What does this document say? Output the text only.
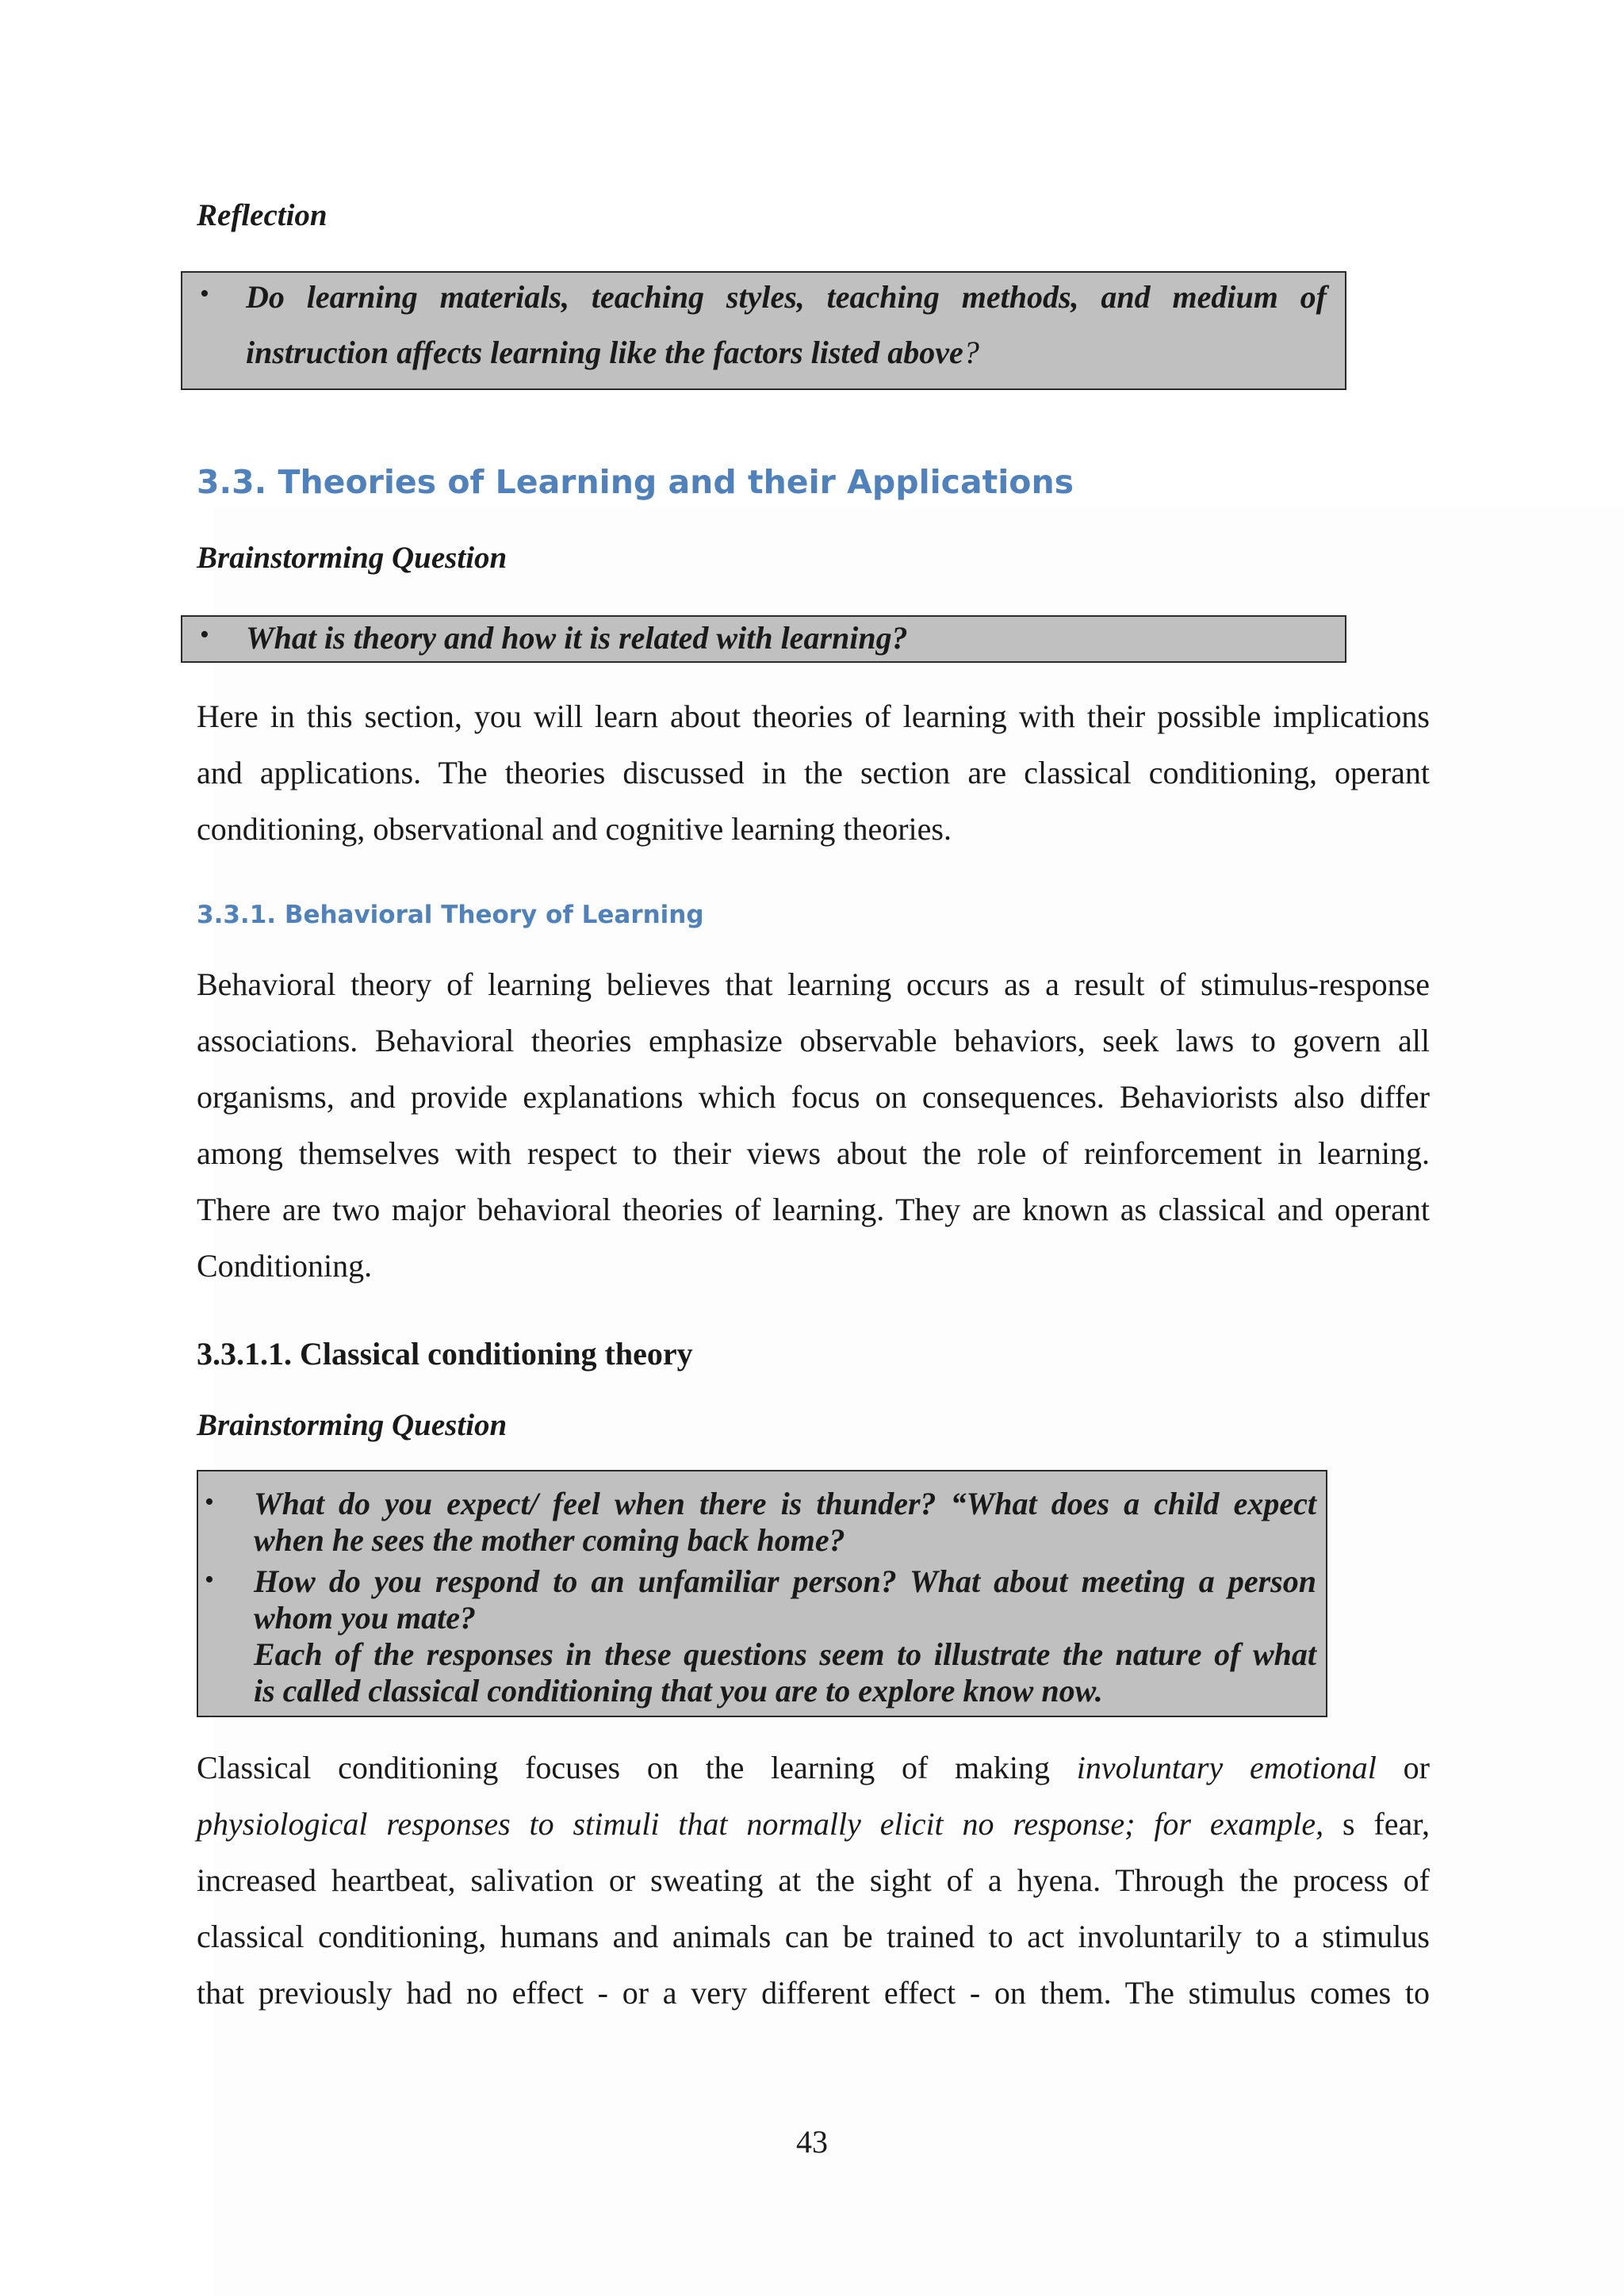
Reflection
• Do learning materials, teaching styles, teaching methods, and medium of
instruction affects learning like the factors listed above?
3.3. Theories of Learning and their Applications
Brainstorming Question
• What is theory and how it is related with learning?
Here in this section, you will learn about theories of learning with their possible implications
and applications. The theories discussed in the section are classical conditioning, operant
conditioning, observational and cognitive learning theories.
3.3.1. Behavioral Theory of Learning
Behavioral theory of learning believes that learning occurs as a result of stimulus-response
associations. Behavioral theories emphasize observable behaviors, seek laws to govern all
organisms, and provide explanations which focus on consequences. Behaviorists also differ
among themselves with respect to their views about the role of reinforcement in learning.
There are two major behavioral theories of learning. They are known as classical and operant
Conditioning.
3.3.1.1. Classical conditioning theory
Brainstorming Question
• What do you expect/ feel when there is thunder? “What does a child expect
when he sees the mother coming back home?
• How do you respond to an unfamiliar person? What about meeting a person
whom you mate?
Each of the responses in these questions seem to illustrate the nature of what
is called classical conditioning that you are to explore know now.
Classical conditioning focuses on the learning of making involuntary emotional or
physiological responses to stimuli that normally elicit no response; for example, s fear,
increased heartbeat, salivation or sweating at the sight of a hyena. Through the process of
classical conditioning, humans and animals can be trained to act involuntarily to a stimulus
that previously had no effect - or a very different effect - on them. The stimulus comes to
43
